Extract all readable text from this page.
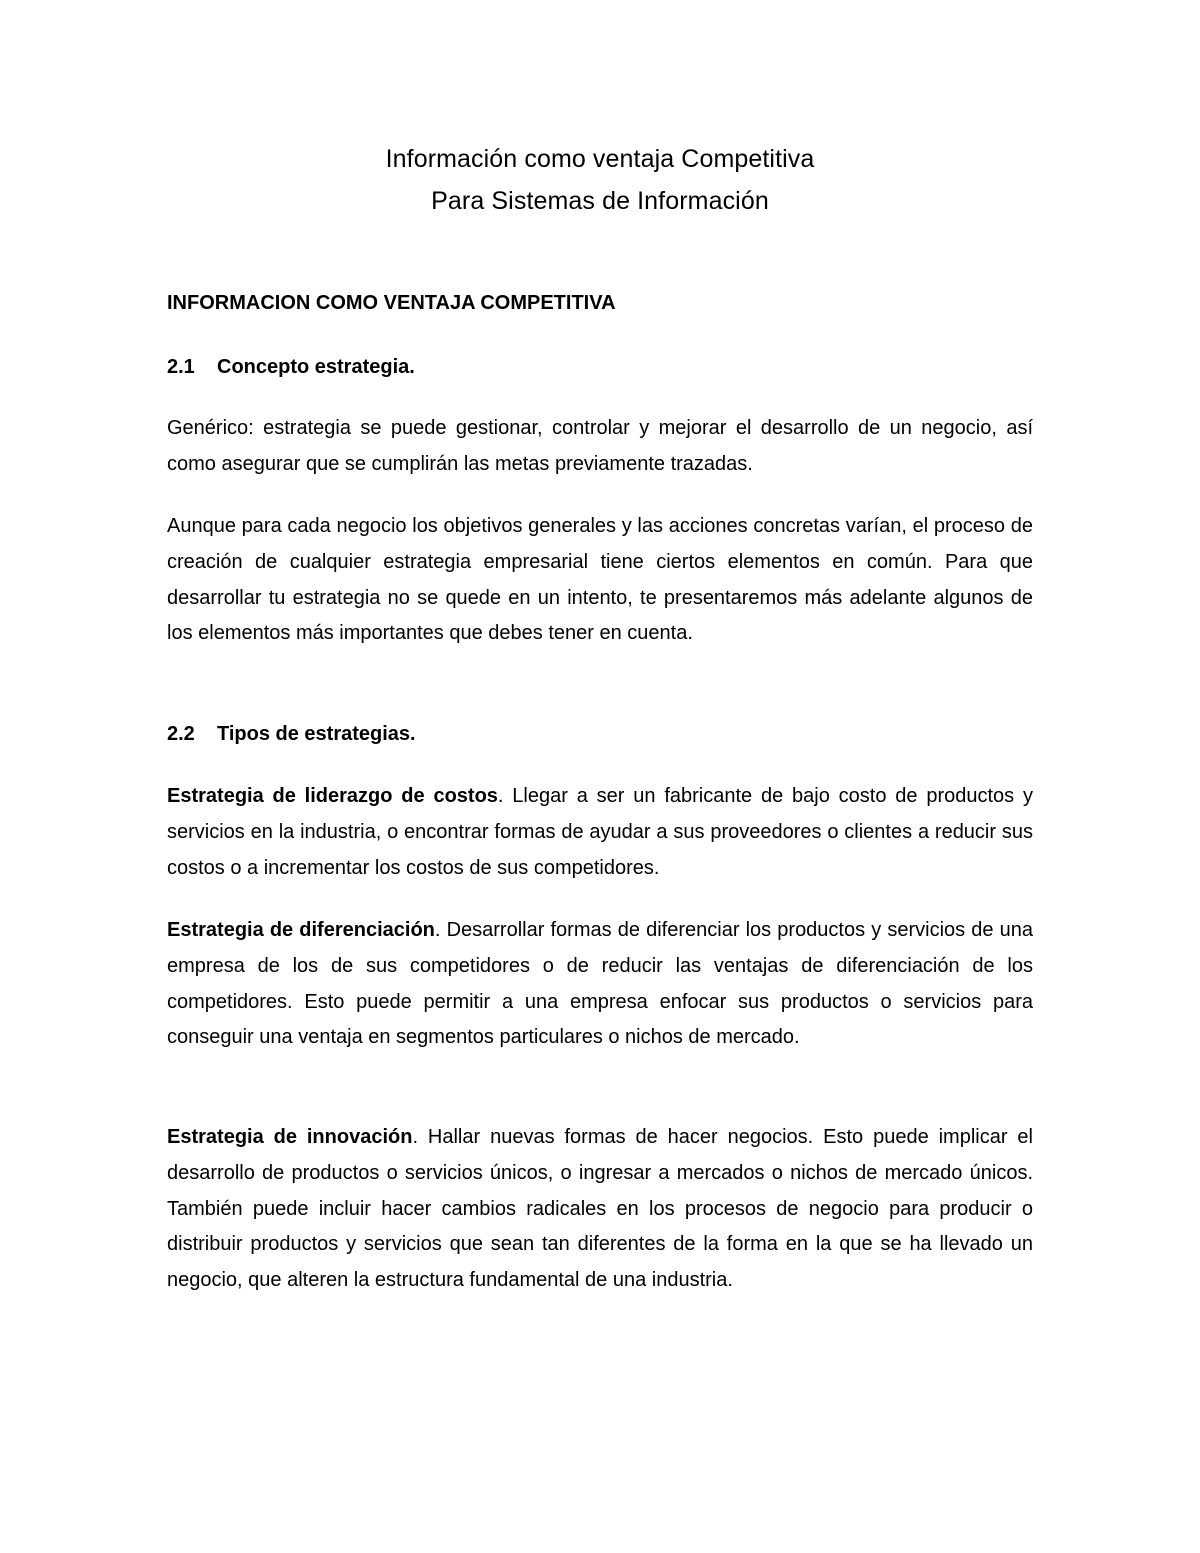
Información como ventaja Competitiva
Para Sistemas de Información
INFORMACION COMO VENTAJA COMPETITIVA
2.1 Concepto estrategia.

Genérico: estrategia se puede gestionar, controlar y mejorar el desarrollo de un negocio, así como asegurar que se cumplirán las metas previamente trazadas.

Aunque para cada negocio los objetivos generales y las acciones concretas varían, el proceso de creación de cualquier estrategia empresarial tiene ciertos elementos en común. Para que desarrollar tu estrategia no se quede en un intento, te presentaremos más adelante algunos de los elementos más importantes que debes tener en cuenta.

2.2 Tipos de estrategias.

Estrategia de liderazgo de costos. Llegar a ser un fabricante de bajo costo de productos y servicios en la industria, o encontrar formas de ayudar a sus proveedores o clientes a reducir sus costos o a incrementar los costos de sus competidores.

Estrategia de diferenciación. Desarrollar formas de diferenciar los productos y servicios de una empresa de los de sus competidores o de reducir las ventajas de diferenciación de los competidores. Esto puede permitir a una empresa enfocar sus productos o servicios para conseguir una ventaja en segmentos particulares o nichos de mercado.

Estrategia de innovación. Hallar nuevas formas de hacer negocios. Esto puede implicar el desarrollo de productos o servicios únicos, o ingresar a mercados o nichos de mercado únicos. También puede incluir hacer cambios radicales en los procesos de negocio para producir o distribuir productos y servicios que sean tan diferentes de la forma en la que se ha llevado un negocio, que alteren la estructura fundamental de una industria.
